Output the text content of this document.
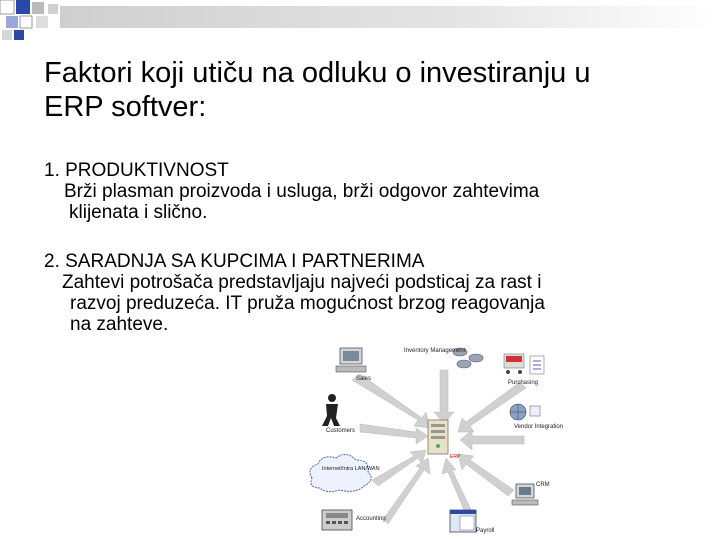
Faktori koji utiču na odluku o investiranju u
ERP softver:
1. PRODUKTIVNOST
Brži plasman proizvoda i usluga, brži odgovor zahtevima
klijenata i slično.
2. SARADNJA SA KUPCIMA I PARTNERIMA
Zahtevi potrošača predstavljaju najveći podsticaj za rast i
razvoj preduzeća. IT pruža mogućnost brzog reagovanja
na zahteve.
ERP
Inventory Management
Sales
Purchasing
Customers
Vendor Integration
Internet/Intra LAN/WAN
CRM
Accounting
Payroll
